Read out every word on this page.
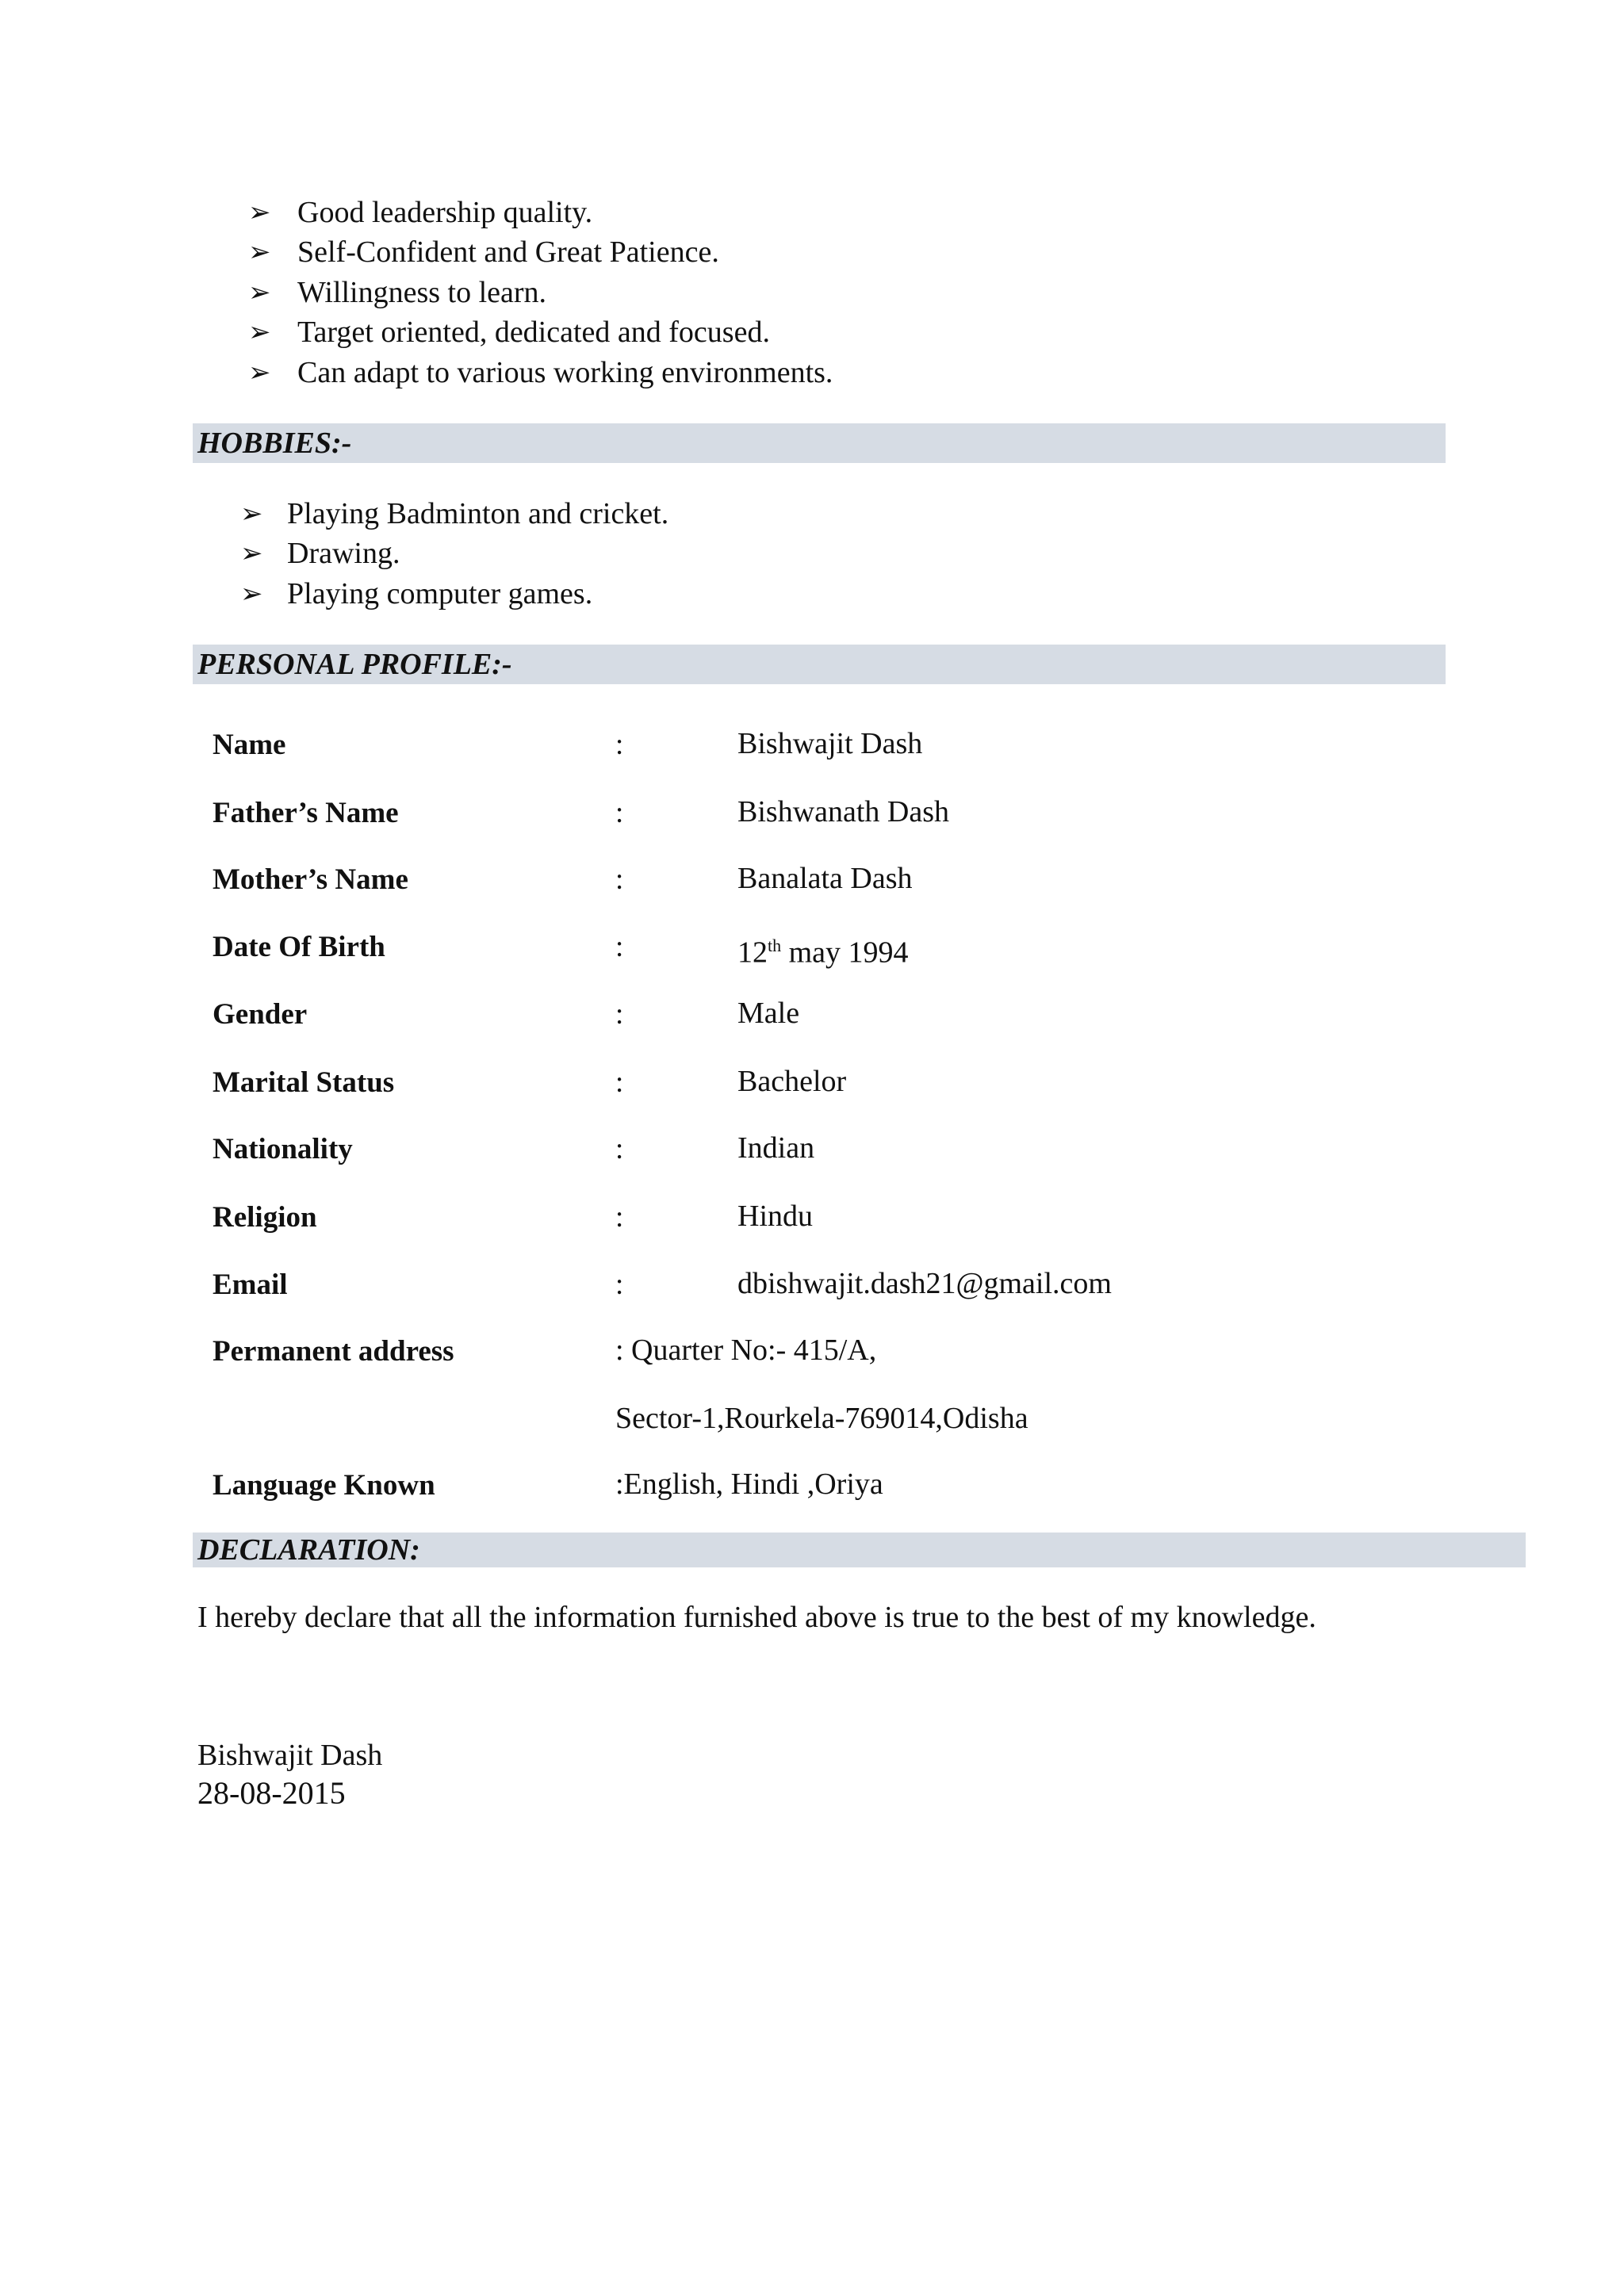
➢ Good leadership quality.
➢ Self-Confident and Great Patience.
➢ Willingness to learn.
➢ Target oriented, dedicated and focused.
➢ Can adapt to various working environments.
HOBBIES:-
➢ Playing Badminton and cricket.
➢ Drawing.
➢ Playing computer games.
PERSONAL PROFILE:-
Name	:	Bishwajit Dash
Father’s Name	:	Bishwanath Dash
Mother’s Name	:	Banalata Dash
Date Of Birth	:	12th may 1994
Gender	:	Male
Marital Status	:	Bachelor
Nationality	:	Indian
Religion	:	Hindu
Email	:	dbishwajit.dash21@gmail.com
Permanent address	: Quarter No:- 415/A,
Sector-1,Rourkela-769014,Odisha
Language Known	:English, Hindi ,Oriya
DECLARATION:
I hereby declare that all the information furnished above is true to the best of my knowledge.
Bishwajit Dash
28-08-2015
